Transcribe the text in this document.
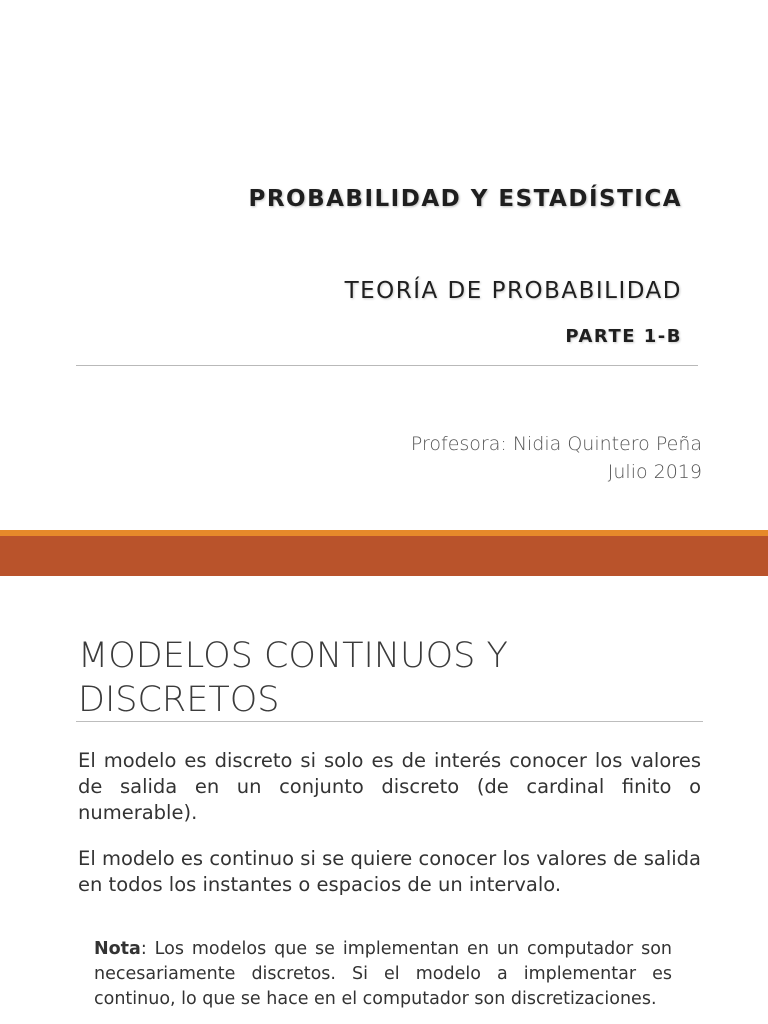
PROBABILIDAD Y ESTADÍSTICA
TEORÍA DE PROBABILIDAD
PARTE 1-B
Profesora: Nidia Quintero Peña
Julio 2019
MODELOS CONTINUOS Y DISCRETOS
El modelo es discreto si solo es de interés conocer los valores de salida en un conjunto discreto (de cardinal finito o numerable).
El modelo es continuo si se quiere conocer los valores de salida en todos los instantes o espacios de un intervalo.
Nota: Los modelos que se implementan en un computador son necesariamente discretos. Si el modelo a implementar es continuo, lo que se hace en el computador son discretizaciones.
